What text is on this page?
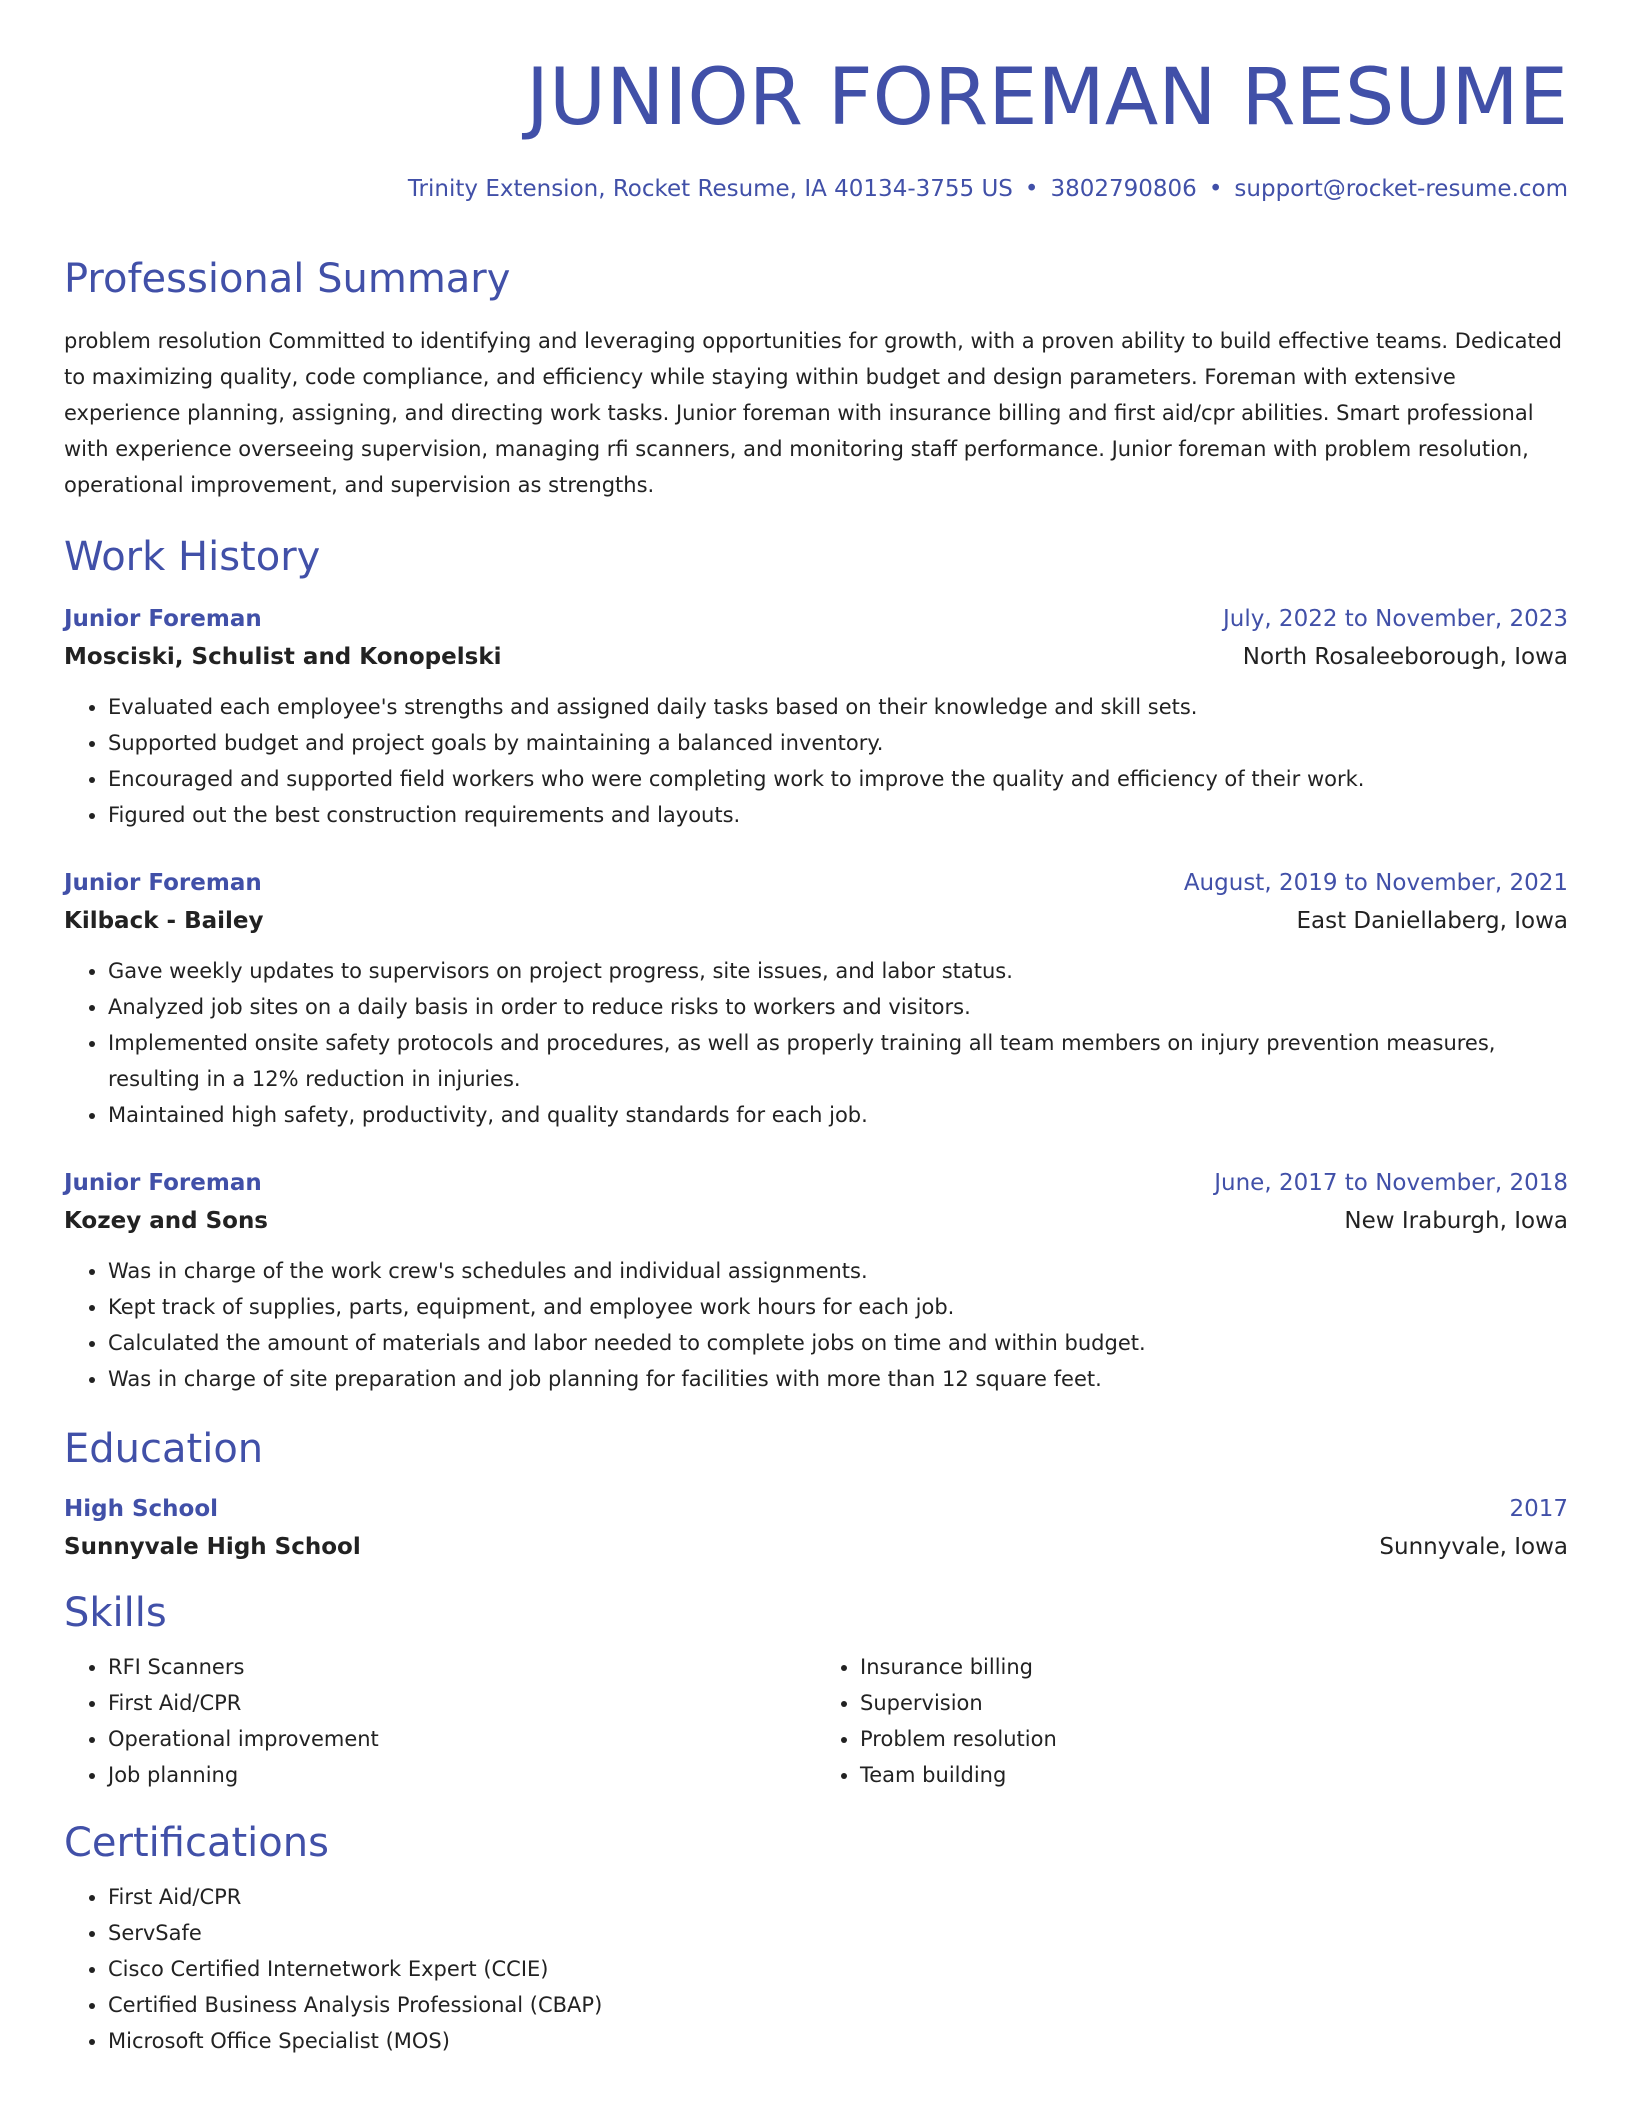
JUNIOR FOREMAN RESUME
Trinity Extension, Rocket Resume, IA 40134-3755 US • 3802790806 • support@rocket-resume.com
Professional Summary

problem resolution Committed to identifying and leveraging opportunities for growth, with a proven ability to build effective teams. Dedicated to maximizing quality, code compliance, and efficiency while staying within budget and design parameters. Foreman with extensive experience planning, assigning, and directing work tasks. Junior foreman with insurance billing and first aid/cpr abilities. Smart professional with experience overseeing supervision, managing rfi scanners, and monitoring staff performance. Junior foreman with problem resolution, operational improvement, and supervision as strengths.

Work History
Junior Foreman	July, 2022 to November, 2023
Mosciski, Schulist and Konopelski	North Rosaleeborough, Iowa
• Evaluated each employee's strengths and assigned daily tasks based on their knowledge and skill sets.
• Supported budget and project goals by maintaining a balanced inventory.
• Encouraged and supported field workers who were completing work to improve the quality and efficiency of their work.
• Figured out the best construction requirements and layouts.
Junior Foreman	August, 2019 to November, 2021
Kilback - Bailey	East Daniellaberg, Iowa
• Gave weekly updates to supervisors on project progress, site issues, and labor status.
• Analyzed job sites on a daily basis in order to reduce risks to workers and visitors.
• Implemented onsite safety protocols and procedures, as well as properly training all team members on injury prevention measures, resulting in a 12% reduction in injuries.
• Maintained high safety, productivity, and quality standards for each job.
Junior Foreman	June, 2017 to November, 2018
Kozey and Sons	New Iraburgh, Iowa
• Was in charge of the work crew's schedules and individual assignments.
• Kept track of supplies, parts, equipment, and employee work hours for each job.
• Calculated the amount of materials and labor needed to complete jobs on time and within budget.
• Was in charge of site preparation and job planning for facilities with more than 12 square feet.
Education
High School	2017
Sunnyvale High School	Sunnyvale, Iowa
Skills
• RFI Scanners
• First Aid/CPR
• Operational improvement
• Job planning
• Insurance billing
• Supervision
• Problem resolution
• Team building
Certifications
• First Aid/CPR
• ServSafe
• Cisco Certified Internetwork Expert (CCIE)
• Certified Business Analysis Professional (CBAP)
• Microsoft Office Specialist (MOS)
